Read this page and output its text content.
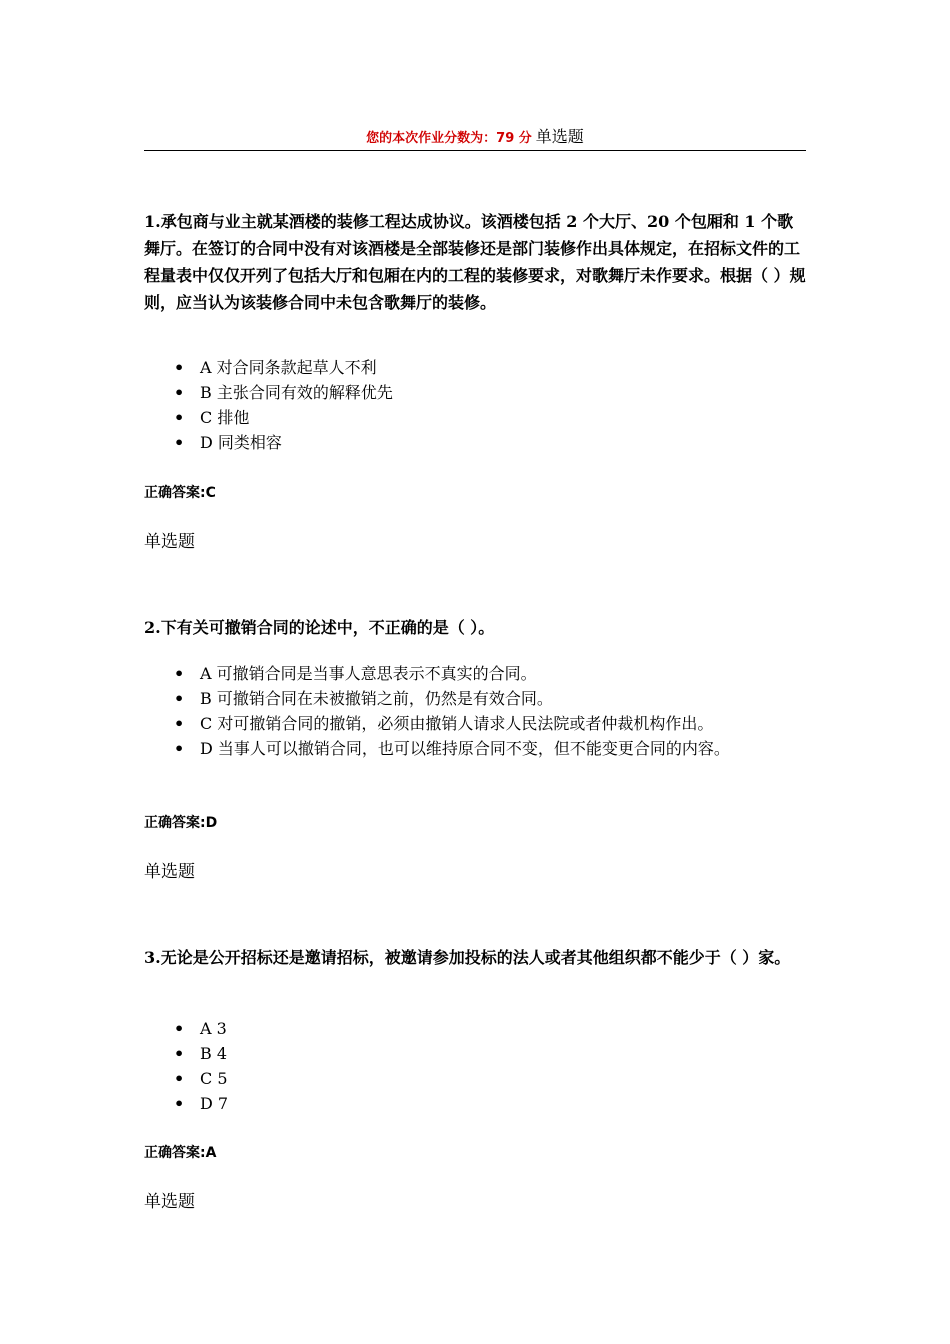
您的本次作业分数为：79 分 单选题

1.承包商与业主就某酒楼的装修工程达成协议。该酒楼包括 2 个大厅、20 个包厢和 1 个歌舞厅。在签订的合同中没有对该酒楼是全部装修还是部门装修作出具体规定，在招标文件的工程量表中仅仅开列了包括大厅和包厢在内的工程的装修要求，对歌舞厅未作要求。根据（ ）规则，应当认为该装修合同中未包含歌舞厅的装修。

• A 对合同条款起草人不利
• B 主张合同有效的解释优先
• C 排他
• D 同类相容

正确答案:C

单选题

2.下有关可撤销合同的论述中，不正确的是（ ）。

• A 可撤销合同是当事人意思表示不真实的合同。
• B 可撤销合同在未被撤销之前，仍然是有效合同。
• C 对可撤销合同的撤销，必须由撤销人请求人民法院或者仲裁机构作出。
• D 当事人可以撤销合同，也可以维持原合同不变，但不能变更合同的内容。

正确答案:D

单选题

3.无论是公开招标还是邀请招标，被邀请参加投标的法人或者其他组织都不能少于（ ）家。

• A 3
• B 4
• C 5
• D 7

正确答案:A

单选题
